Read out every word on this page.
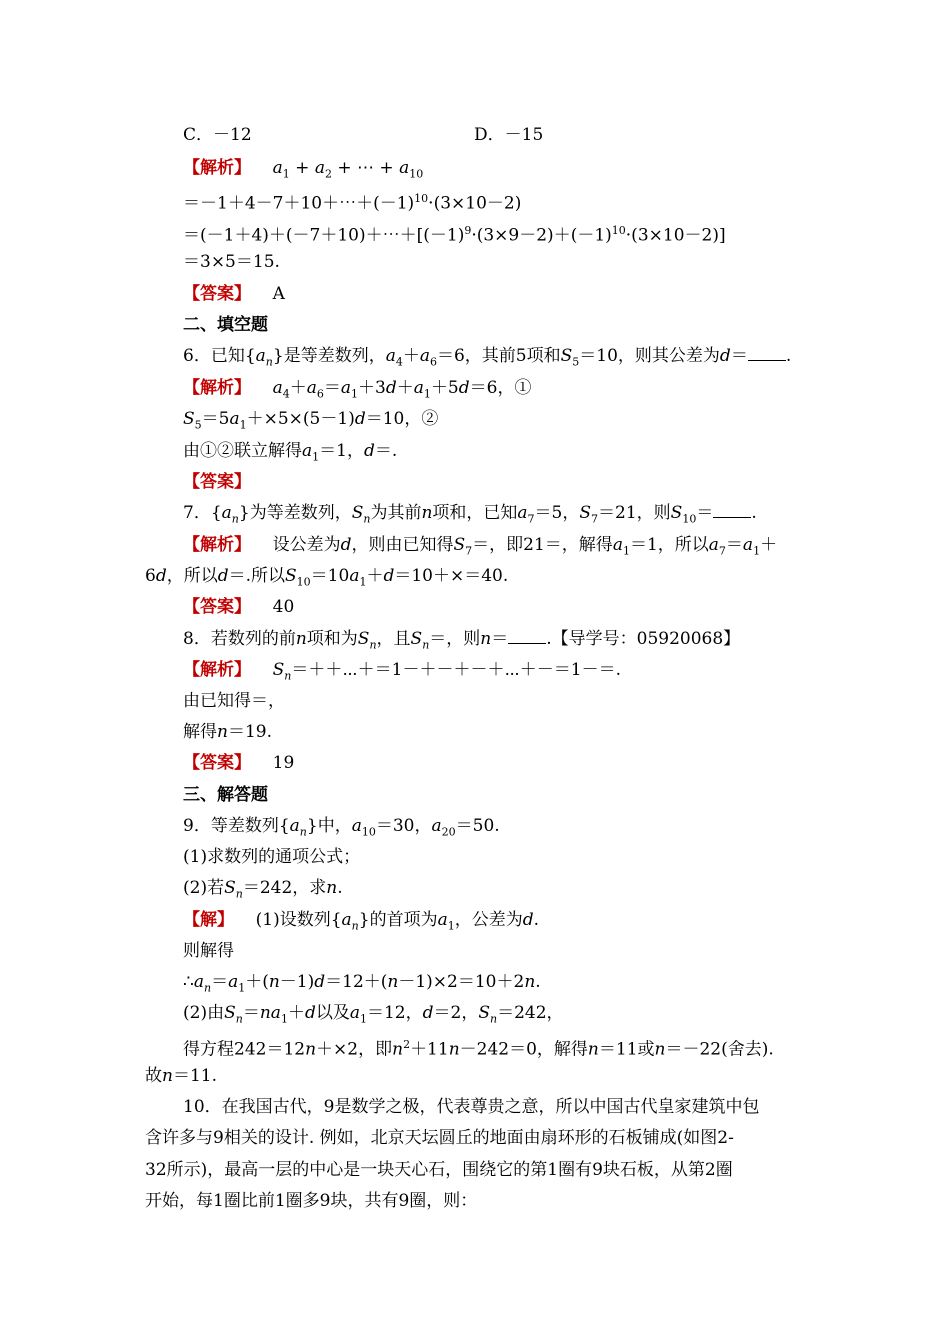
C．－12	D．－15
【解析】 $a_1 + a_2$ + ⋯ + $a_{10}$
$=-1+4-7+10+\cdots+(-1)^{10}\cdot(3\times 10-2)$
$=(-1+4)+(-7+10)+\cdots+[(-1)^9\cdot(3\times 9-2)+(-1)^{10}\cdot(3\times 10-2)]$
＝3×5＝15.
【答案】 A
二、填空题
6．已知$\{a_n\}$是等差数列，$a_4+a_6=6$，其前5项和$S_5=10$，则其公差为d＝ .
【解析】 $a_4+a_6=a_1+3d+a_1+5d=6$，①
$S_5=5a_1+\times 5\times(5-1)d=10$，②
由①②联立解得$a_1=1$，d＝.
【答案】
7．$\{a_n\}$为等差数列，$S_n$为其前n项和，已知$a_7=5$，$S_7=21$，则$S_{10}=$ .
【解析】    设公差为d，则由已知得$S_7=$，即21＝，解得$a_1=1$，所以$a_7=a_1+$
6d，所以d＝.所以$S_{10}=10a_1+d=10+\times=40$.
【答案】 40
8．若数列的前n项和为$S_n$，且$S_n=$，则n＝ .【导学号：05920068】
【解析】 $S_n=++\cdots+=1-+-+-+\cdots+-=1-=$.
由已知得＝，
解得n＝19.
【答案】 19
三、解答题
9．等差数列$\{a_n\}$中，$a_{10}=30$，$a_{20}=50$.
(1)求数列的通项公式；
(2)若$S_n=242$，求n.
【解】    (1)设数列$\{a_n\}$的首项为$a_1$，公差为d.
则解得
$\therefore a_n=a_1+(n-1)d=12+(n-1)\times 2=10+2n$.
(2)由$S_n=na_1+d$以及$a_1=12$，d＝2，$S_n=242$，
得方程242＝12n＋×2，即$n^2+11n-242=0$，解得n＝11或n＝－22(舍去).
故n＝11.
10．在我国古代，9是数学之极，代表尊贵之意，所以中国古代皇家建筑中包
含许多与9相关的设计. 例如，北京天坛圆丘的地面由扇环形的石板铺成(如图2-
32所示)，最高一层的中心是一块天心石，围绕它的第1圈有9块石板，从第2圈
开始，每1圈比前1圈多9块，共有9圈，则：
